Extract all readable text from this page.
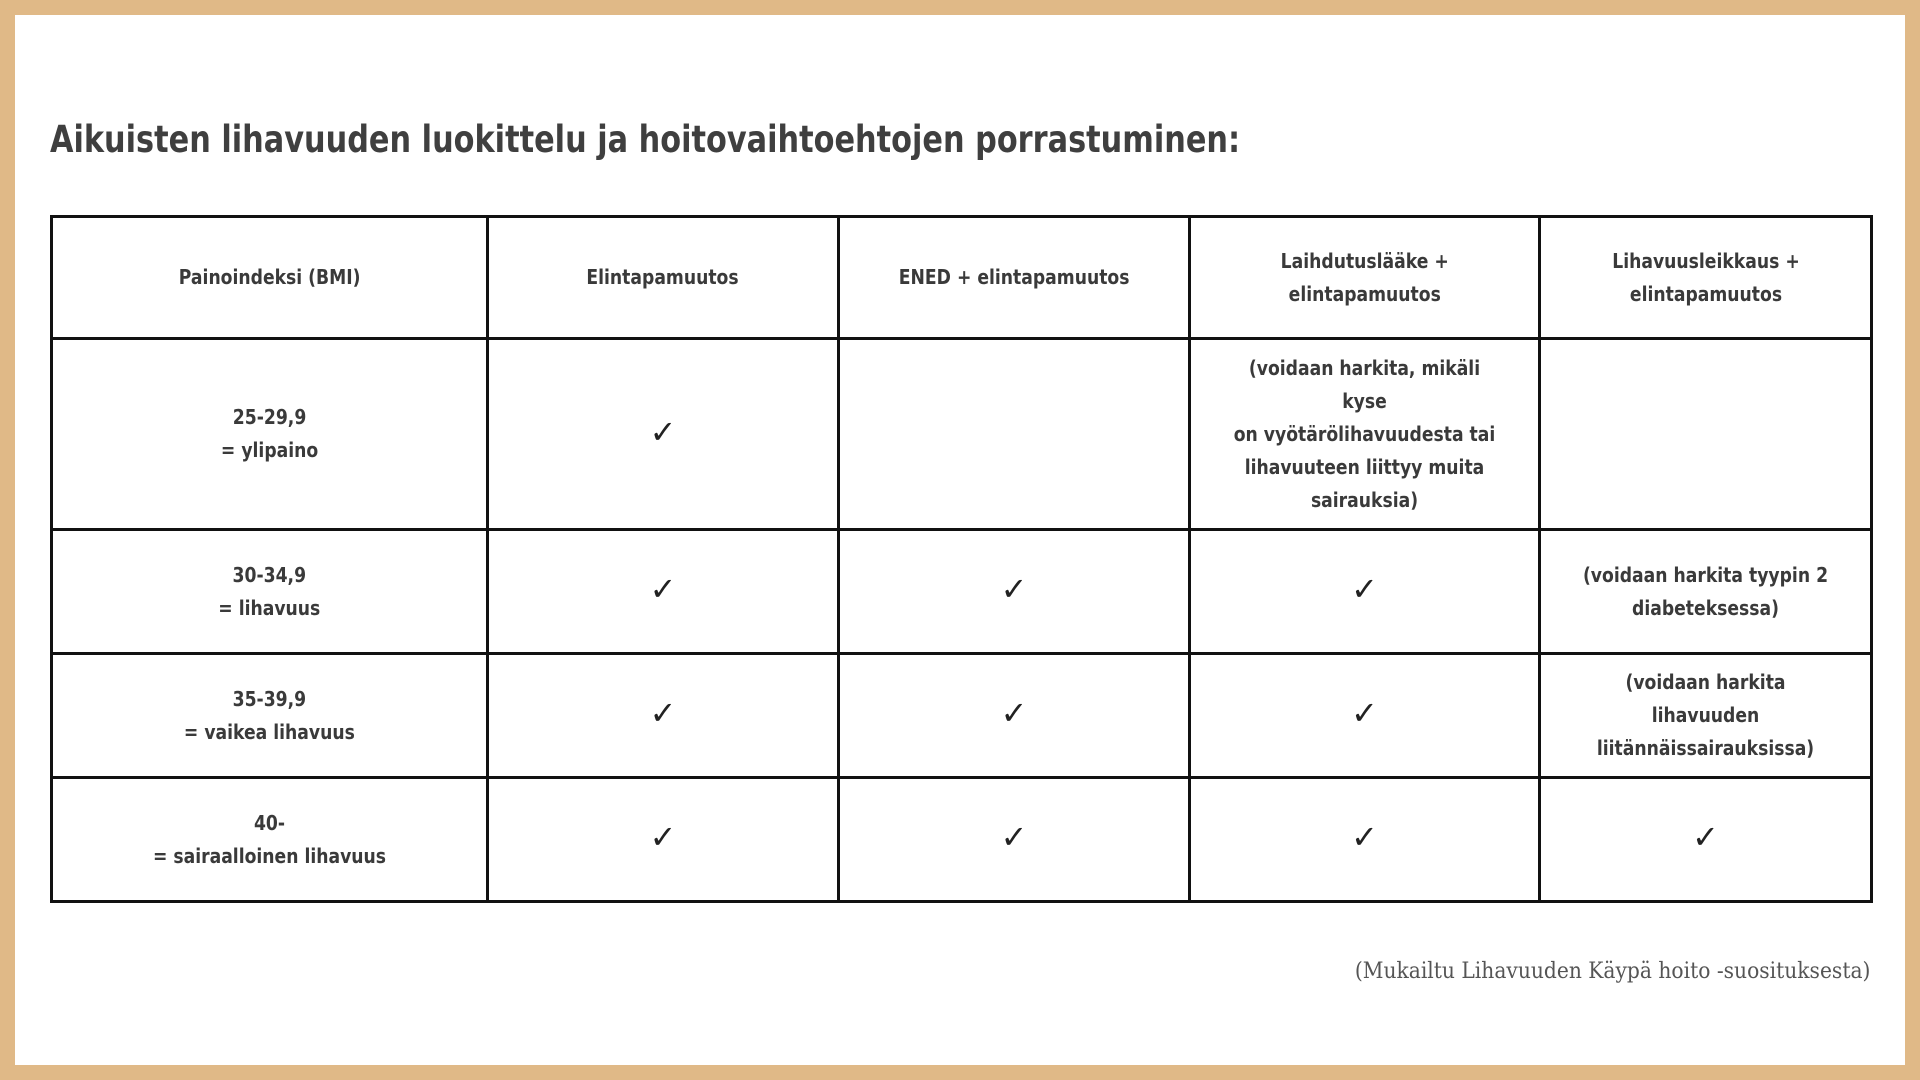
Aikuisten lihavuuden luokittelu ja hoitovaihtoehtojen porrastuminen:
Painoindeksi (BMI)	Elintapamuutos	ENED + elintapamuutos	Laihdutuslääke +
elintapamuutos	Lihavuusleikkaus +
elintapamuutos

25-29,9
= ylipaino	✓		(voidaan harkita, mikäli kyse
on vyötärölihavuudesta tai
lihavuuteen liittyy muita
sairauksia)	

30-34,9
= lihavuus	✓	✓	✓	(voidaan harkita tyypin 2
diabeteksessa)

35-39,9
= vaikea lihavuus	✓	✓	✓	(voidaan harkita lihavuuden
liitännäissairauksissa)

40-
= sairaalloinen lihavuus	✓	✓	✓	✓
(Mukailtu Lihavuuden Käypä hoito -suosituksesta)
